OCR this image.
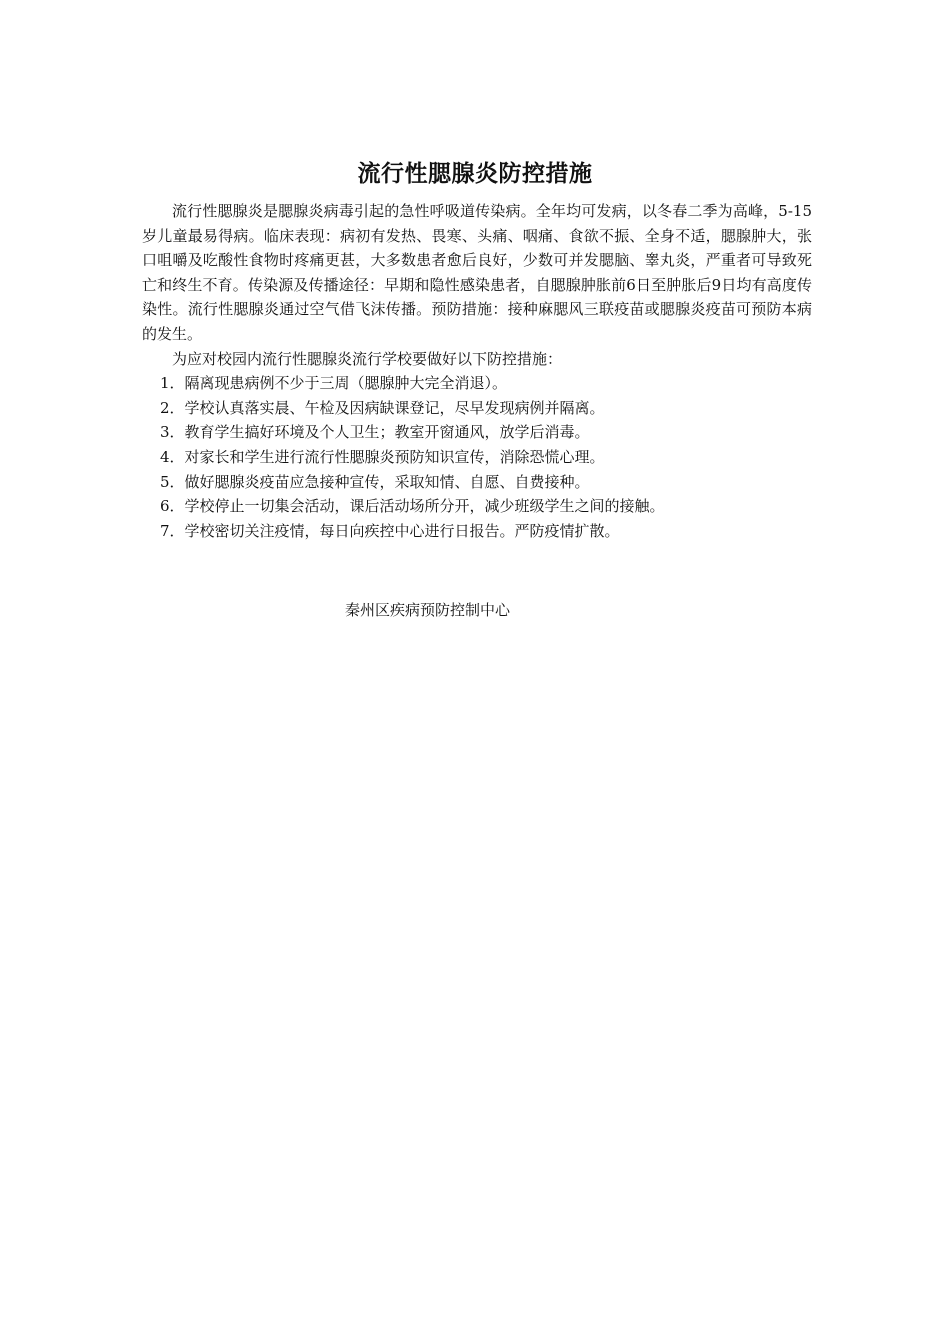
流行性腮腺炎防控措施

流行性腮腺炎是腮腺炎病毒引起的急性呼吸道传染病。全年均可发病，以冬春二季为高峰，5-15岁儿童最易得病。临床表现：病初有发热、畏寒、头痛、咽痛、食欲不振、全身不适，腮腺肿大，张口咀嚼及吃酸性食物时疼痛更甚，大多数患者愈后良好，少数可并发腮脑、睾丸炎，严重者可导致死亡和终生不育。传染源及传播途径：早期和隐性感染患者，自腮腺肿胀前6日至肿胀后9日均有高度传染性。流行性腮腺炎通过空气借飞沫传播。预防措施：接种麻腮风三联疫苗或腮腺炎疫苗可预防本病的发生。

为应对校园内流行性腮腺炎流行学校要做好以下防控措施：

1．隔离现患病例不少于三周（腮腺肿大完全消退）。
2．学校认真落实晨、午检及因病缺课登记，尽早发现病例并隔离。
3．教育学生搞好环境及个人卫生；教室开窗通风，放学后消毒。
4．对家长和学生进行流行性腮腺炎预防知识宣传，消除恐慌心理。
5．做好腮腺炎疫苗应急接种宣传，采取知情、自愿、自费接种。
6．学校停止一切集会活动，课后活动场所分开，减少班级学生之间的接触。
7．学校密切关注疫情，每日向疾控中心进行日报告。严防疫情扩散。
秦州区疾病预防控制中心
